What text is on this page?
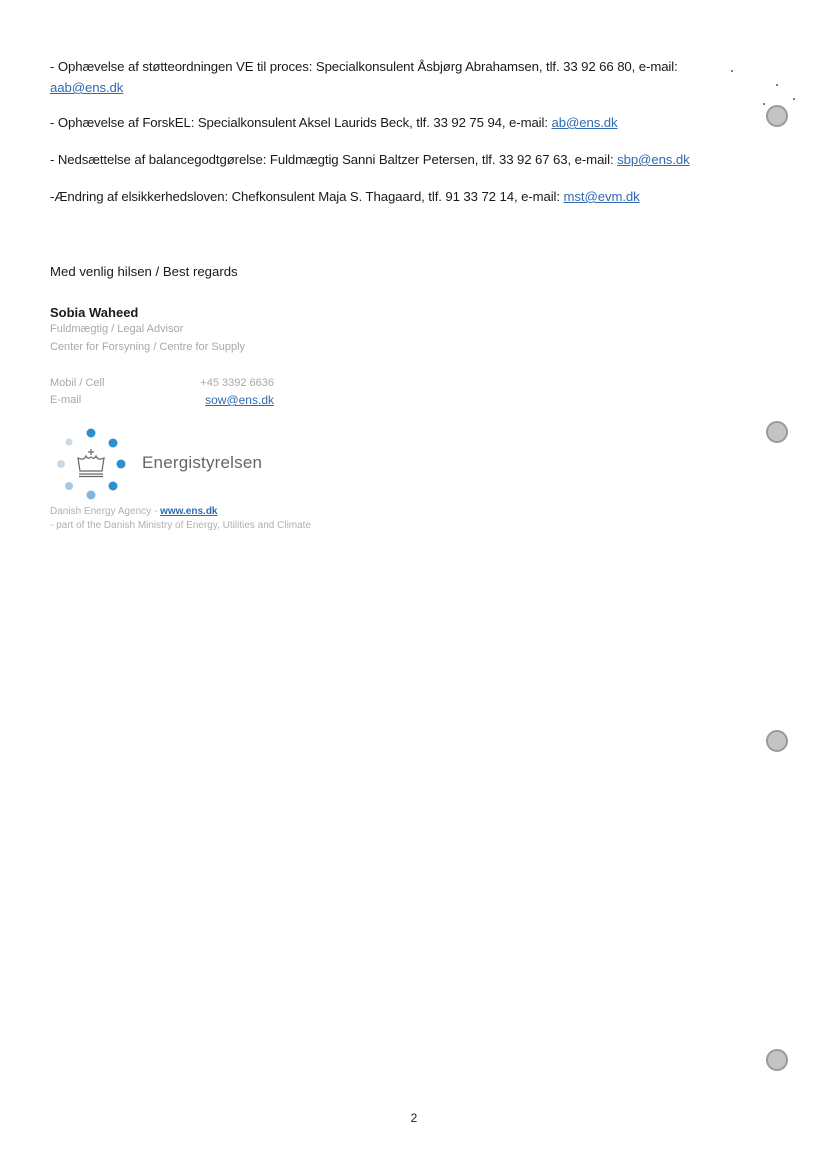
- Ophævelse af støtteordningen VE til proces: Specialkonsulent Åsbjørg Abrahamsen, tlf. 33 92 66 80, e-mail: aab@ens.dk
- Ophævelse af ForskEL: Specialkonsulent Aksel Laurids Beck, tlf. 33 92 75 94, e-mail: ab@ens.dk
- Nedsættelse af balancegodtgørelse: Fuldmægtig Sanni Baltzer Petersen, tlf. 33 92 67 63, e-mail: sbp@ens.dk
-Ændring af elsikkerhedsloven: Chefkonsulent Maja S. Thagaard, tlf. 91 33 72 14, e-mail: mst@evm.dk
Med venlig hilsen / Best regards
Sobia Waheed
Fuldmægtig / Legal Advisor
Center for Forsyning / Centre for Supply
Mobil / Cell	+45 3392 6636
E-mail	sow@ens.dk
Energistyrelsen
Danish Energy Agency - www.ens.dk
- part of the Danish Ministry of Energy, Utilities and Climate
2
